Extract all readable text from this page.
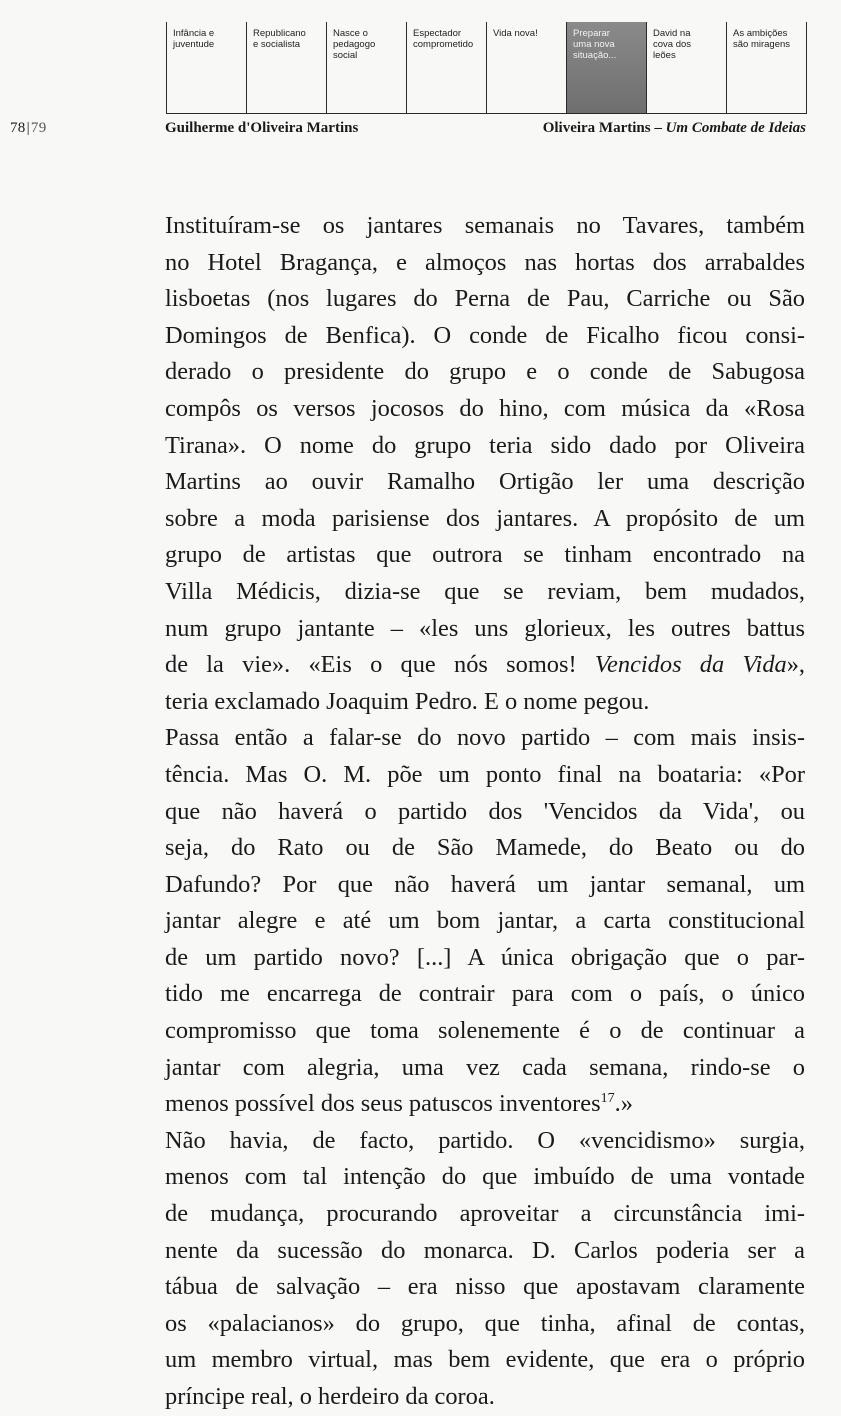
Infância e
juventude
Republicano
e socialista
Nasce o
pedagogo
social
Espectador
comprometido
Vida nova!	Preparar
uma nova
situação...
David na
cova dos
leões
As ambições
são miragens
78|79	Guilherme d'Oliveira Martins	Oliveira Martins – Um Combate de Ideias
Instituíram-se os jantares semanais no Tavares, também
no Hotel Bragança, e almoços nas hortas dos arrabaldes
lisboetas (nos lugares do Perna de Pau, Carriche ou São
Domingos de Benfica). O conde de Ficalho ficou consi-
derado o presidente do grupo e o conde de Sabugosa
compôs os versos jocosos do hino, com música da «Rosa
Tirana». O nome do grupo teria sido dado por Oliveira
Martins ao ouvir Ramalho Ortigão ler uma descrição
sobre a moda parisiense dos jantares. A propósito de um
grupo de artistas que outrora se tinham encontrado na
Villa Médicis, dizia-se que se reviam, bem mudados,
num grupo jantante – «les uns glorieux, les outres battus
de la vie». «Eis o que nós somos! Vencidos da Vida»,
teria exclamado Joaquim Pedro. E o nome pegou.
Passa então a falar-se do novo partido – com mais insis-
tência. Mas O. M. põe um ponto final na boataria: «Por
que não haverá o partido dos 'Vencidos da Vida', ou
seja, do Rato ou de São Mamede, do Beato ou do
Dafundo? Por que não haverá um jantar semanal, um
jantar alegre e até um bom jantar, a carta constitucional
de um partido novo? [...] A única obrigação que o par-
tido me encarrega de contrair para com o país, o único
compromisso que toma solenemente é o de continuar a
jantar com alegria, uma vez cada semana, rindo-se o
menos possível dos seus patuscos inventores$^{17}$.»
Não havia, de facto, partido. O «vencidismo» surgia,
menos com tal intenção do que imbuído de uma vontade
de mudança, procurando aproveitar a circunstância imi-
nente da sucessão do monarca. D. Carlos poderia ser a
tábua de salvação – era nisso que apostavam claramente
os «palacianos» do grupo, que tinha, afinal de contas,
um membro virtual, mas bem evidente, que era o próprio
príncipe real, o herdeiro da coroa.
